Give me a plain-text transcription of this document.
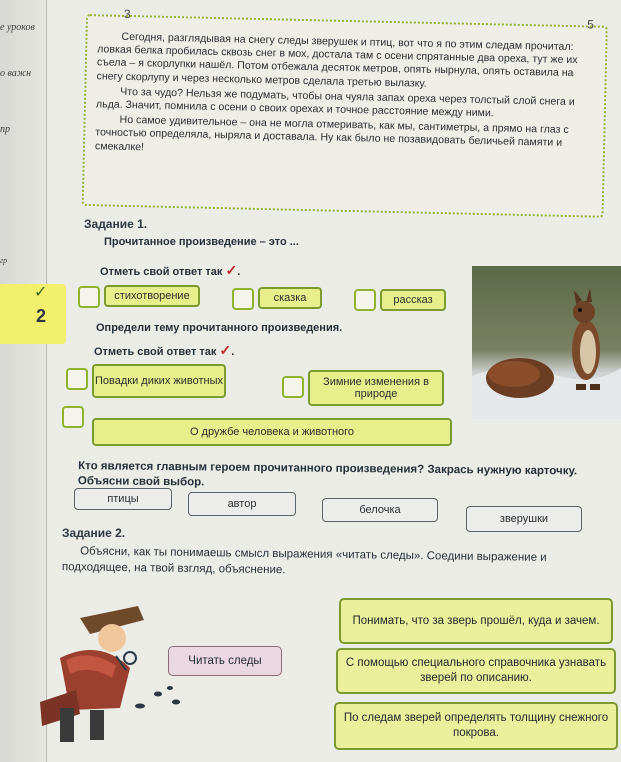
е уроков
о важн
пр
гр
✓
2
3
5

Сегодня, разглядывая на снегу следы зверушек и птиц, вот что я по этим следам прочитал: ловкая белка пробилась сквозь снег в мох, достала там с осени спрятанные два ореха, тут же их съела – я скорлупки нашёл. Потом отбежала десяток метров, опять нырнула, опять оставила на снегу скорлупу и через несколько метров сделала третью вылазку.

Что за чудо? Нельзя же подумать, чтобы она чуяла запах ореха через толстый слой снега и льда. Значит, помнила с осени о своих орехах и точное расстояние между ними.

Но самое удивительное – она не могла отмеривать, как мы, сантиметры, а прямо на глаз с точностью определяла, ныряла и доставала. Ну как было не позавидовать беличьей памяти и смекалке!

Задание 1.
Прочитанное произведение – это ...
Отметь свой ответ так ✓.
стихотворение	сказка	рассказ
Определи тему прочитанного произведения.
Отметь свой ответ так ✓.
Повадки диких животных	Зимние изменения в природе
О дружбе человека и животного
Кто является главным героем прочитанного произведения? Закрась нужную карточку. Объясни свой выбор.
птицы	автор	белочка
зверушки
Задание 2.
Объясни, как ты понимаешь смысл выражения «читать следы». Соедини выражение и подходящее, на твой взгляд, объяснение.
Читать следы
Понимать, что за зверь прошёл, куда и зачем.
С помощью специального справочника узнавать зверей по описанию.
По следам зверей определять толщину снежного покрова.
